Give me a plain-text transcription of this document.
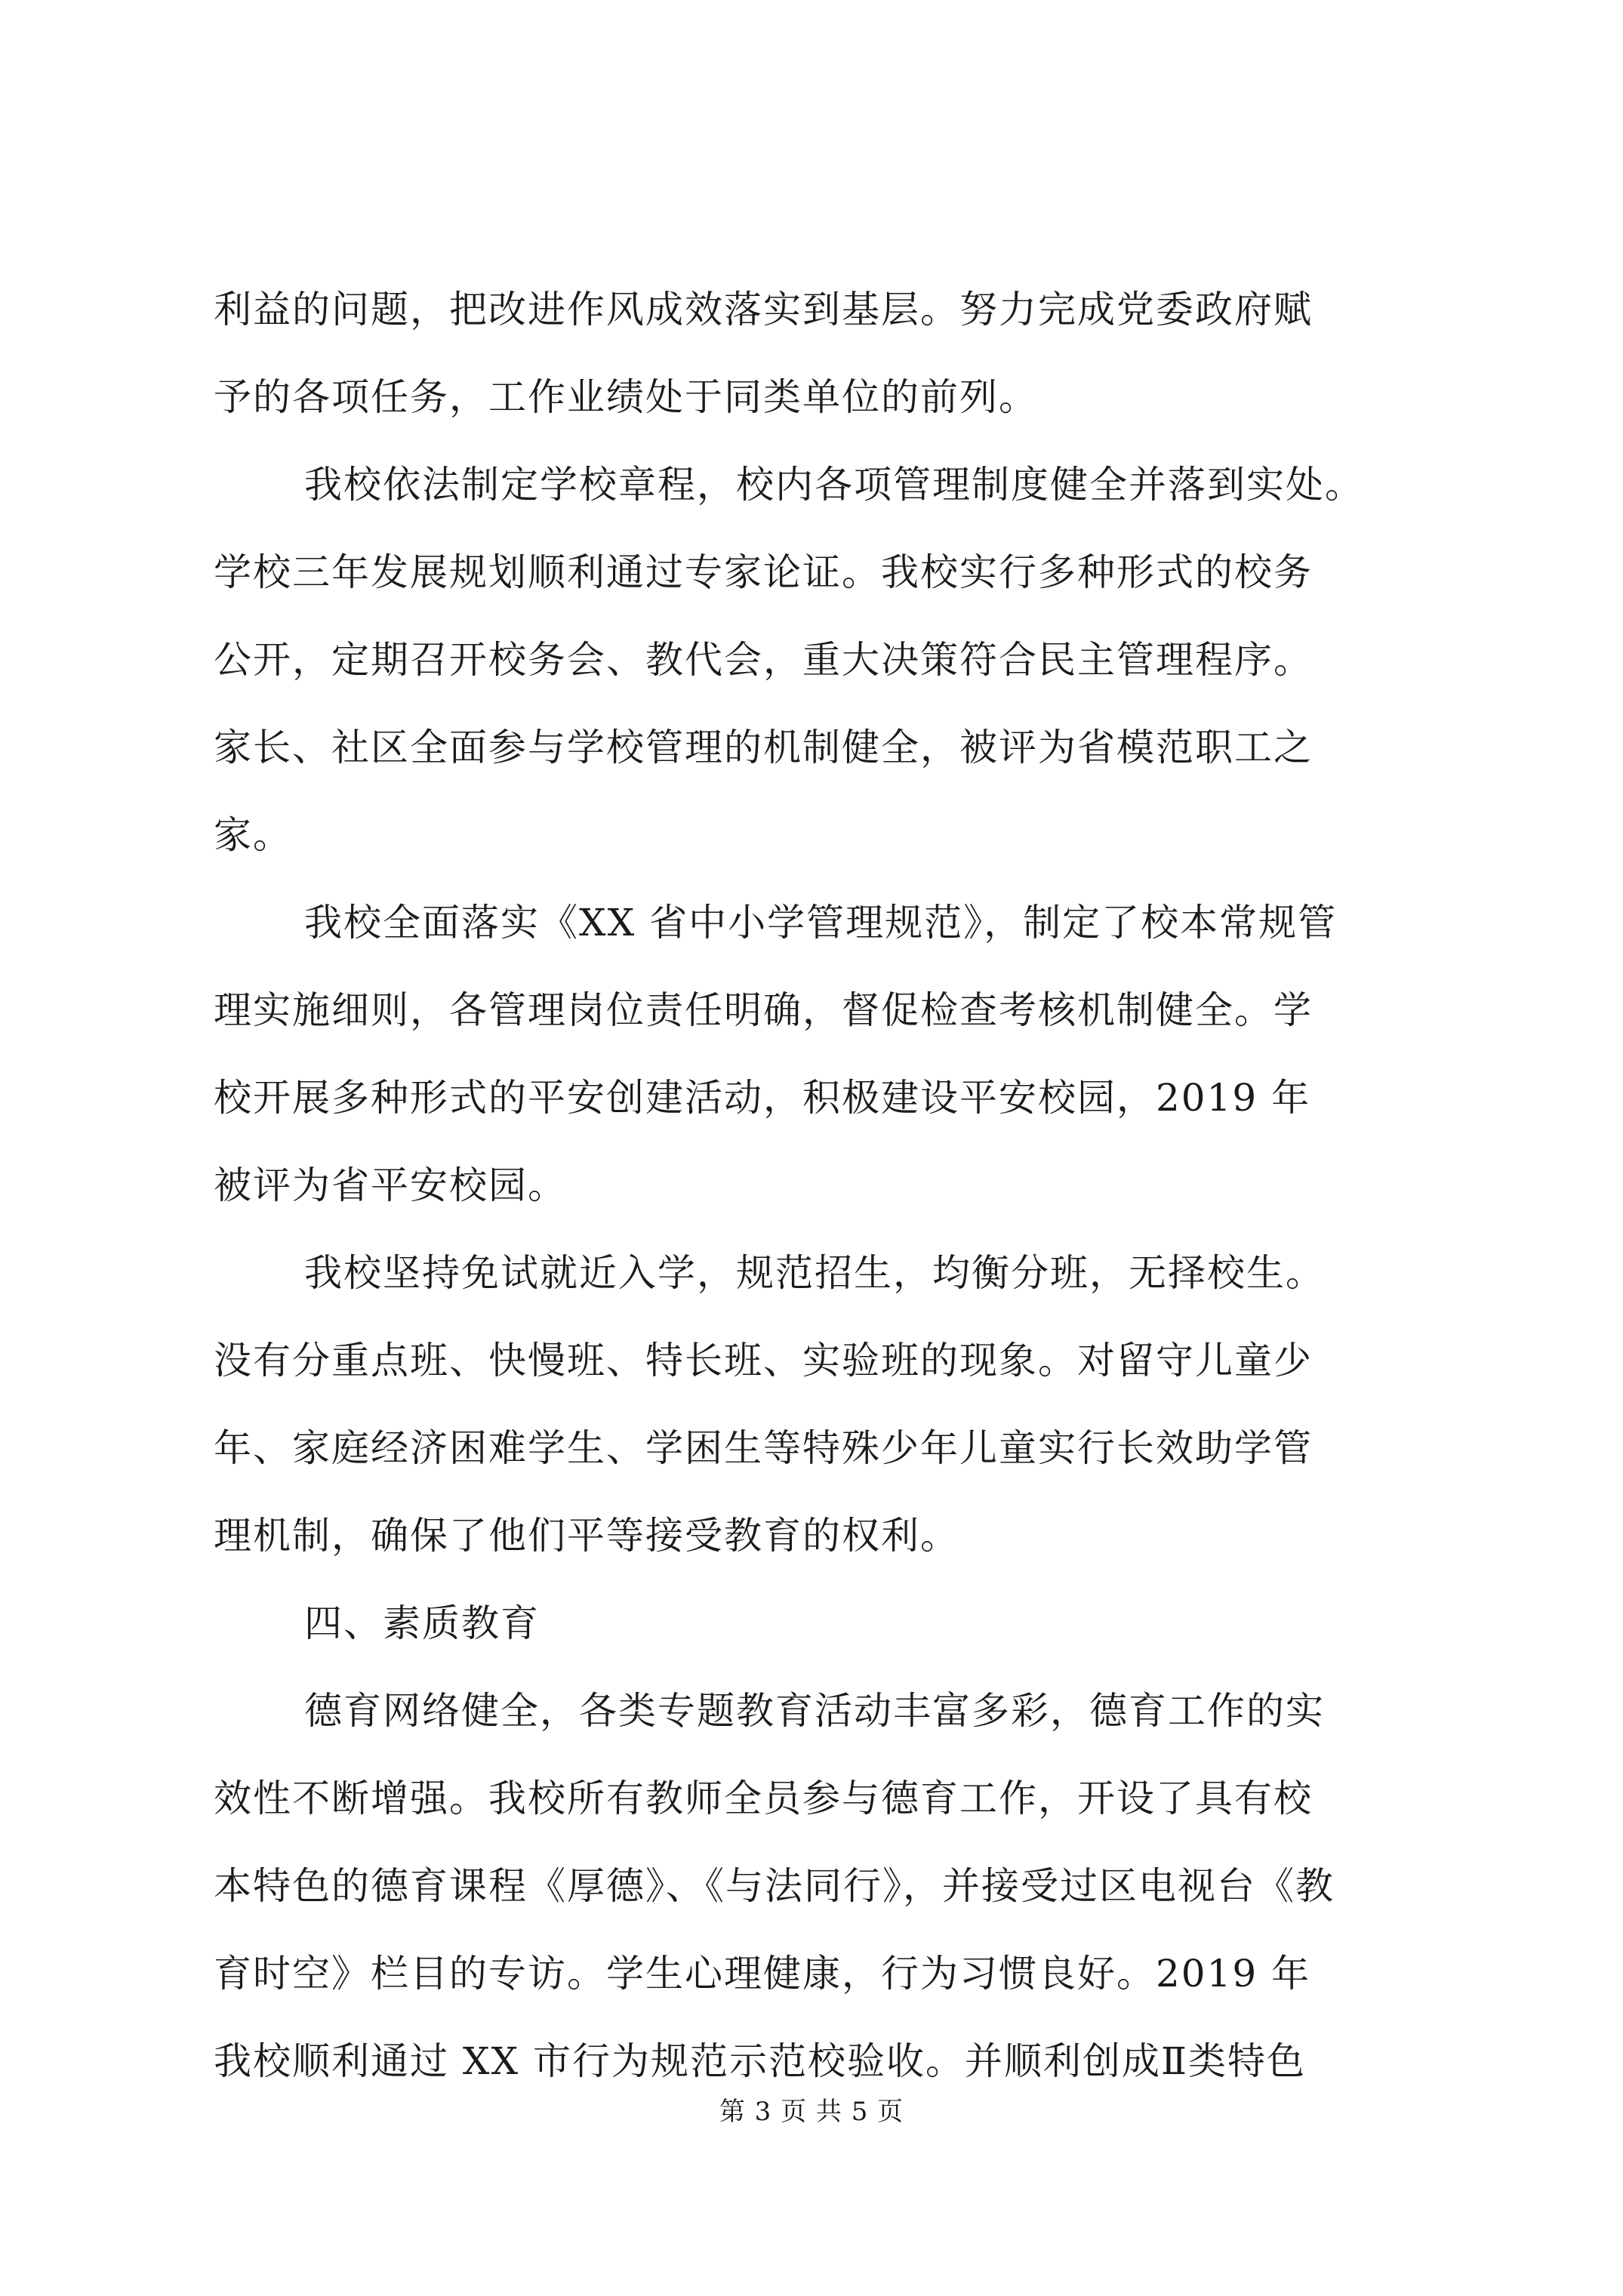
利益的问题，把改进作风成效落实到基层。努力完成党委政府赋
予的各项任务，工作业绩处于同类单位的前列。
我校依法制定学校章程，校内各项管理制度健全并落到实处。
学校三年发展规划顺利通过专家论证。我校实行多种形式的校务
公开，定期召开校务会、教代会，重大决策符合民主管理程序。
家长、社区全面参与学校管理的机制健全，被评为省模范职工之
家。
我校全面落实《XX 省中小学管理规范》，制定了校本常规管
理实施细则，各管理岗位责任明确，督促检查考核机制健全。学
校开展多种形式的平安创建活动，积极建设平安校园，2019 年
被评为省平安校园。
我校坚持免试就近入学，规范招生，均衡分班，无择校生。
没有分重点班、快慢班、特长班、实验班的现象。对留守儿童少
年、家庭经济困难学生、学困生等特殊少年儿童实行长效助学管
理机制，确保了他们平等接受教育的权利。
四、素质教育
德育网络健全，各类专题教育活动丰富多彩，德育工作的实
效性不断增强。我校所有教师全员参与德育工作，开设了具有校
本特色的德育课程《厚德》、《与法同行》，并接受过区电视台《教
育时空》栏目的专访。学生心理健康，行为习惯良好。2019 年
我校顺利通过 XX 市行为规范示范校验收。并顺利创成Ⅱ类特色
第 3 页 共 5 页
